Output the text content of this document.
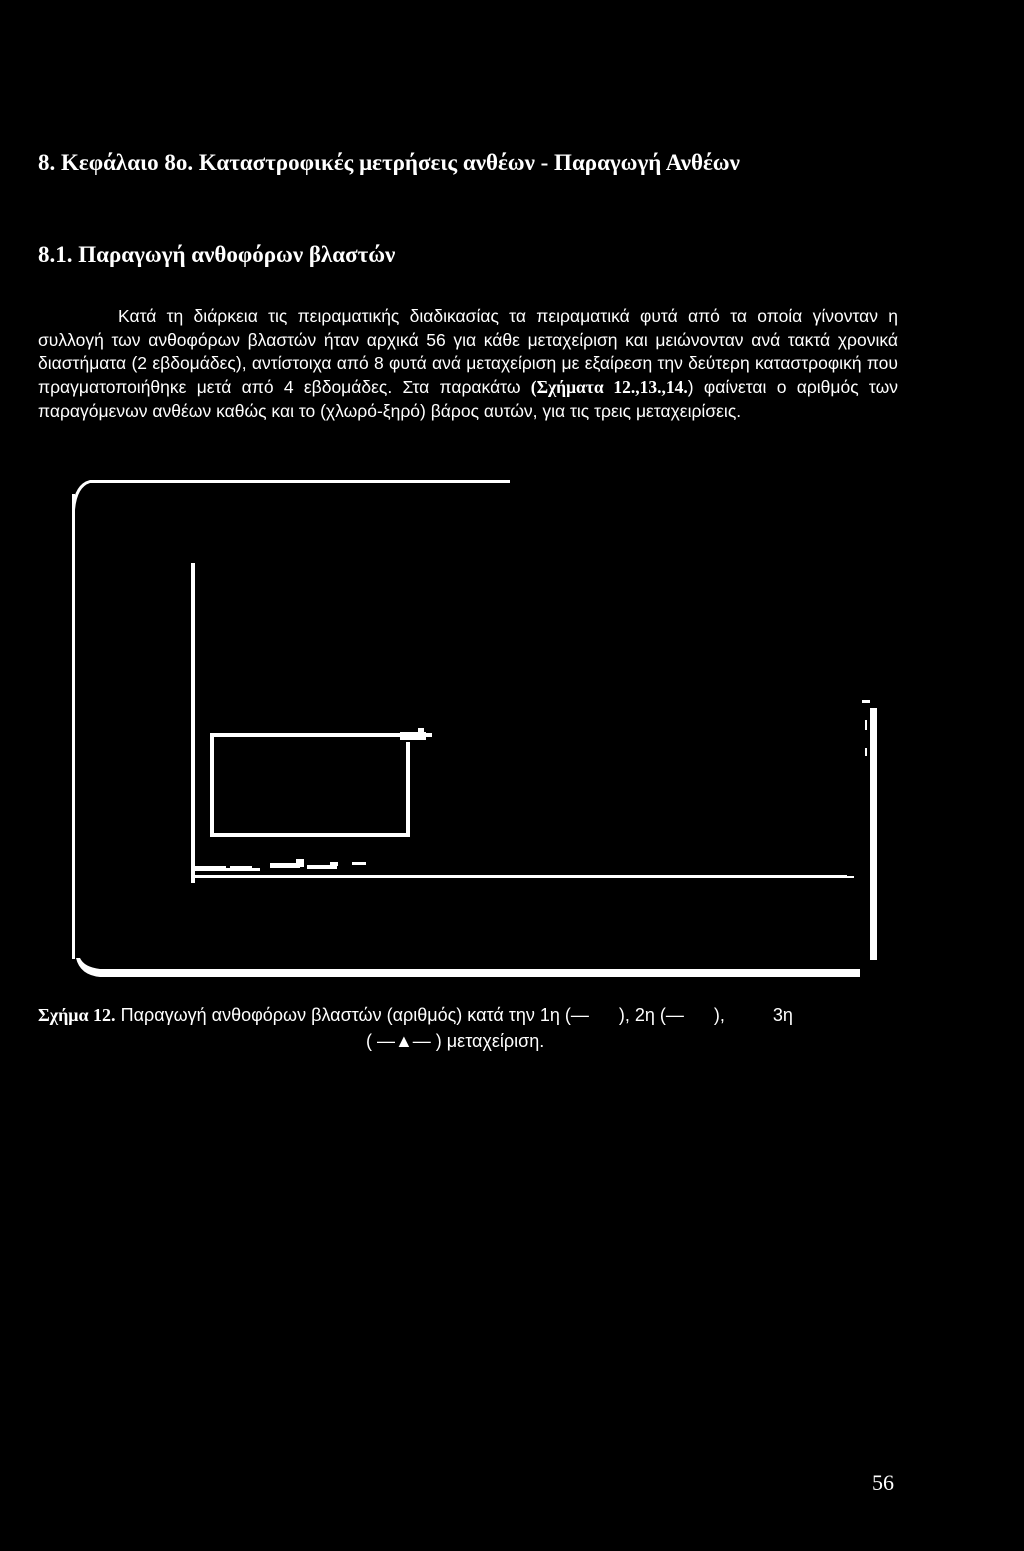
8. Κεφάλαιο 8ο. Καταστροφικές μετρήσεις ανθέων - Παραγωγή Ανθέων
8.1. Παραγωγή ανθοφόρων βλαστών
Κατά τη διάρκεια τις πειραματικής διαδικασίας τα πειραματικά φυτά από τα οποία γίνονταν η συλλογή των ανθοφόρων βλαστών ήταν αρχικά 56 για κάθε μεταχείριση και μειώνονταν ανά τακτά χρονικά διαστήματα (2 εβδομάδες), αντίστοιχα από 8 φυτά ανά μεταχείριση με εξαίρεση την δεύτερη καταστροφική που πραγματοποιήθηκε μετά από 4 εβδομάδες. Στα παρακάτω (Σχήματα 12.,13.,14.) φαίνεται ο αριθμός των παραγόμενων ανθέων καθώς και το (χλωρό-ξηρό) βάρος αυτών, για τις τρεις μεταχειρίσεις.
Σχήμα 12. Παραγωγή ανθοφόρων βλαστών (αριθμός) κατά την 1η (— ), 2η (— ),	3η
( —▲— ) μεταχείριση.
56
